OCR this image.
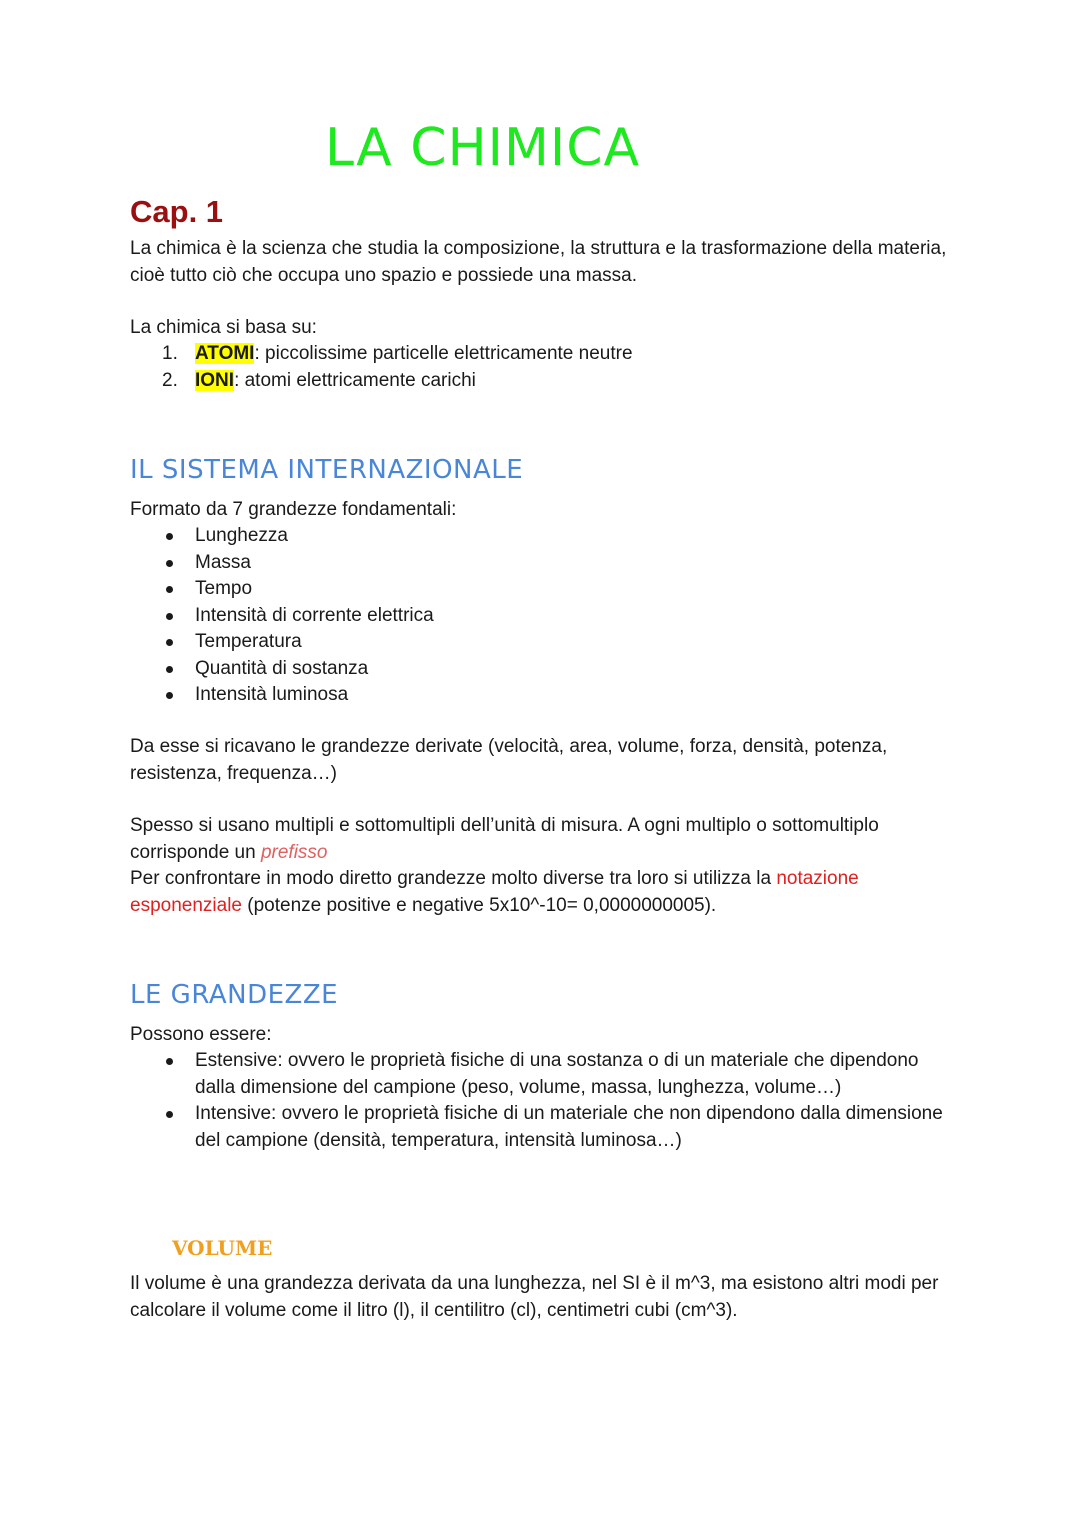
LA CHIMICA
Cap. 1

La chimica è la scienza che studia la composizione, la struttura e la trasformazione della materia, cioè tutto ciò che occupa uno spazio e possiede una massa.

La chimica si basa su:

1. ATOMI: piccolissime particelle elettricamente neutre
2. IONI: atomi elettricamente carichi
IL SISTEMA INTERNAZIONALE

Formato da 7 grandezze fondamentali:

Lunghezza
Massa
Tempo
Intensità di corrente elettrica
Temperatura
Quantità di sostanza
Intensità luminosa

Da esse si ricavano le grandezze derivate (velocità, area, volume, forza, densità, potenza, resistenza, frequenza…)

Spesso si usano multipli e sottomultipli dell’unità di misura. A ogni multiplo o sottomultiplo corrisponde un prefisso
Per confrontare in modo diretto grandezze molto diverse tra loro si utilizza la notazione esponenziale (potenze positive e negative 5x10^-10= 0,0000000005).

LE GRANDEZZE

Possono essere:

Estensive: ovvero le proprietà fisiche di una sostanza o di un materiale che dipendono dalla dimensione del campione (peso, volume, massa, lunghezza, volume…)
Intensive: ovvero le proprietà fisiche di un materiale che non dipendono dalla dimensione del campione (densità, temperatura, intensità luminosa…)
VOLUME

Il volume è una grandezza derivata da una lunghezza, nel SI è il m^3, ma esistono altri modi per calcolare il volume come il litro (l), il centilitro (cl), centimetri cubi (cm^3).
